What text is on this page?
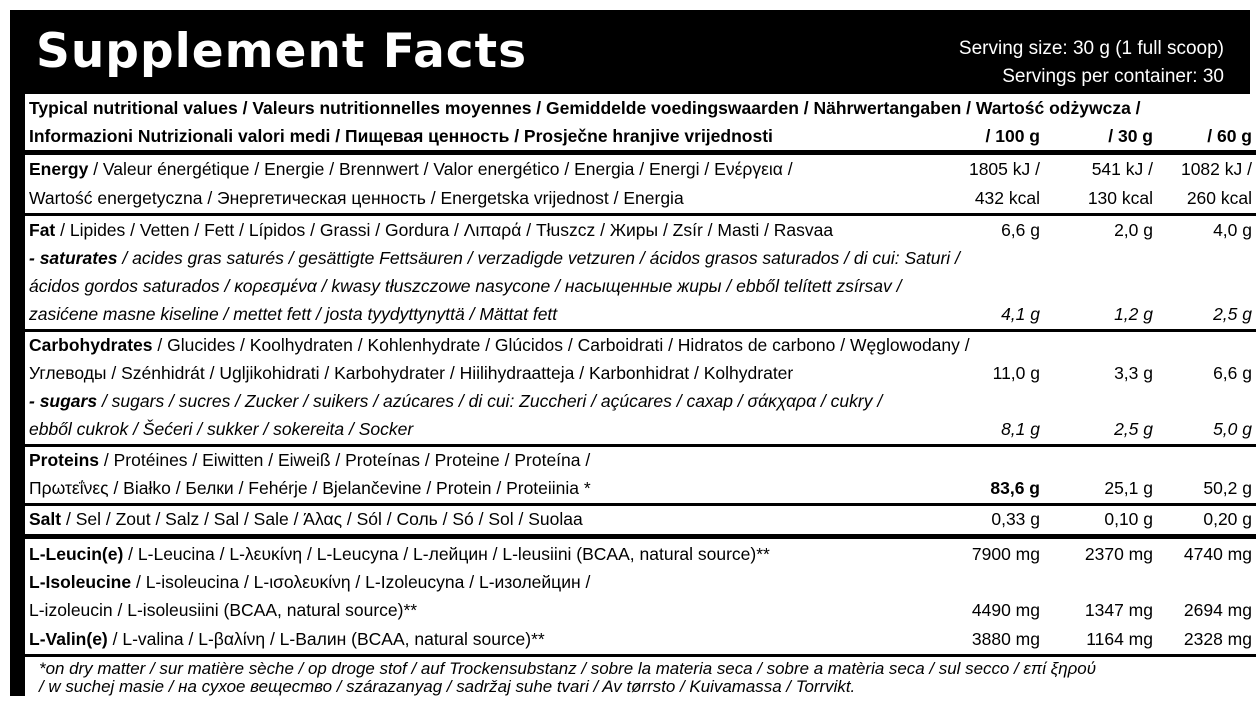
Supplement Facts	Serving size: 30 g (1 full scoop)
Servings per container: 30
Typical nutritional values / Valeurs nutritionnelles moyennes / Gemiddelde voedingswaarden / Nährwertangaben / Wartość odżywcza /
Informazioni Nutrizionali valori medi / Пищевая ценность / Prosječne hranjive vrijednosti	/ 100 g	/ 30 g	/ 60 g
Energy / Valeur énergétique / Energie / Brennwert / Valor energético / Energia / Energi / Ενέργεια /	1805 kJ /	541 kJ / 1082 kJ /
Wartość energetyczna / Энергетическая ценность / Energetska vrijednost / Energia	432 kcal	130 kcal 260 kcal
Fat / Lipides / Vetten / Fett / Lípidos / Grassi / Gordura / Λιπαρά / Tłuszcz / Жиры / Zsír / Masti / Rasvaa	6,6 g	2,0 g	4,0 g
- saturates / acides gras saturés / gesättigte Fettsäuren / verzadigde vetzuren / ácidos grasos saturados / di cui: Saturi /
ácidos gordos saturados / κορεσμένα / kwasy tłuszczowe nasycone / насыщенные жиры / ebből telített zsírsav /
zasićene masne kiseline / mettet fett / josta tyydyttynyttä / Mättat fett	4,1 g	1,2 g	2,5 g
Carbohydrates / Glucides / Koolhydraten / Kohlenhydrate / Glúcidos / Carboidrati / Hidratos de carbono / Węglowodany /
Углеводы / Szénhidrát / Ugljikohidrati / Karbohydrater / Hiilihydraatteja / Karbonhidrat / Kolhydrater	11,0 g	3,3 g	6,6 g
- sugars / sugars / sucres / Zucker / suikers / azúcares / di cui: Zuccheri / açúcares / сахар / σάκχαρα / cukry /
ebből cukrok / Šećeri / sukker / sokereita / Socker	8,1 g	2,5 g	5,0 g
Proteins / Protéines / Eiwitten / Eiweiß / Proteínas / Proteine / Proteína /
Πρωτεΐνες / Białko / Белки / Fehérje / Bjelančevine / Protein / Proteiinia *	83,6 g	25,1 g	50,2 g
Salt / Sel / Zout / Salz / Sal / Sale / Άλας / Sól / Соль / Só / Sol / Suolaa	0,33 g	0,10 g	0,20 g
L-Leucin(e) / L-Leucina / L-λευκίνη / L-Leucyna / L-лейцин / L-leusiini (BCAA, natural source)**	7900 mg	2370 mg 4740 mg
L-Isoleucine / L-isoleucina / L-ισολευκίνη / L-Izoleucyna / L-изолейцин /
L-izoleucin / L-isoleusiini (BCAA, natural source)**	4490 mg	1347 mg 2694 mg
L-Valin(e) / L-valina / L-βαλίνη / L-Валин (BCAA, natural source)**	3880 mg	1164 mg 2328 mg
*on dry matter / sur matière sèche / op droge stof / auf Trockensubstanz / sobre la materia seca / sobre a matèria seca / sul secco / επί ξηρού
/ w suchej masie / на сухое вещество / szárazanyag / sadržaj suhe tvari / Av tørrsto / Kuivamassa / Torrvikt.
